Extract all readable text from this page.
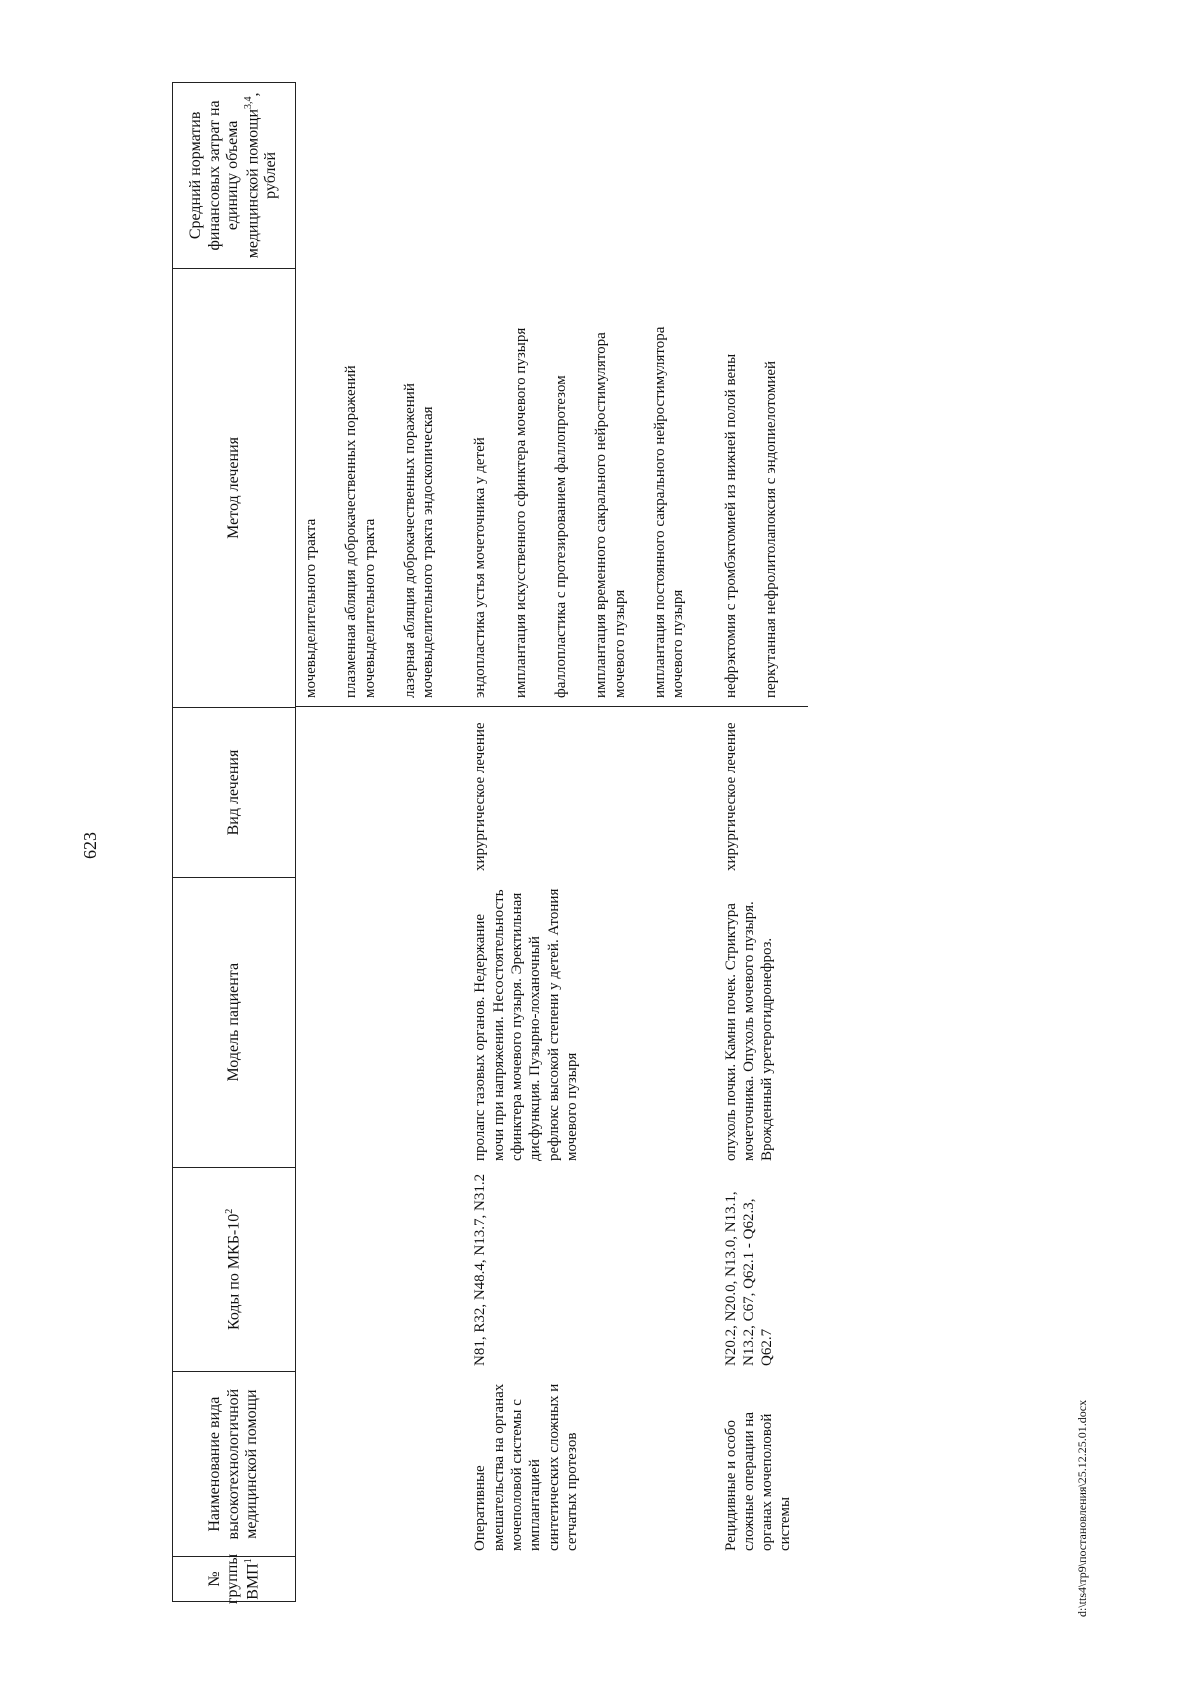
623
№ группы ВМП$^1$
Наименование вида высокотехнологичной медицинской помощи
Коды по МКБ-$10^2$
Модель пациента
Вид лечения
Метод лечения
Средний норматив финансовых затрат на единицу объема медицинской помощи$^{3,4}$, рублей
мочевыделительного тракта плазменная абляция доброкачественных поражений мочевыделительного тракта лазерная абляция доброкачественных поражений мочевыделительного тракта эндоскопическая
Оперативные вмешательства на органах мочеполовой системы с имплантацией синтетических сложных и сетчатых протезов
N81, R32, N48.4, N13.7, N31.2
пролапс тазовых органов. Недержание мочи при напряжении. Несостоятельность сфинктера мочевого пузыря. Эректильная дисфункция. Пузырно-лоханочный рефлюкс высокой степени у детей. Атония мочевого пузыря
хирургическое лечение
эндопластика устья мочеточника у детей имплантация искусственного сфинктера мочевого пузыря фаллопластика с протезированием фаллопротезом имплантация временного сакрального нейростимулятора мочевого пузыря имплантация постоянного сакрального нейростимулятора мочевого пузыря
Рецидивные и особо сложные операции на органах мочеполовой системы
N20.2, N20.0, N13.0, N13.1, N13.2, C67, Q62.1 - Q62.3, Q62.7
опухоль почки. Камни почек. Стриктура мочеточника. Опухоль мочевого пузыря. Врожденный уретерогидронефроз.
хирургическое лечение
нефрэктомия с тромбэктомией из нижней полой вены перкутанная нефролитолапоксия с эндопиелотомией
d:\tts4\тр9\постановления\25.12.25.01.docx
